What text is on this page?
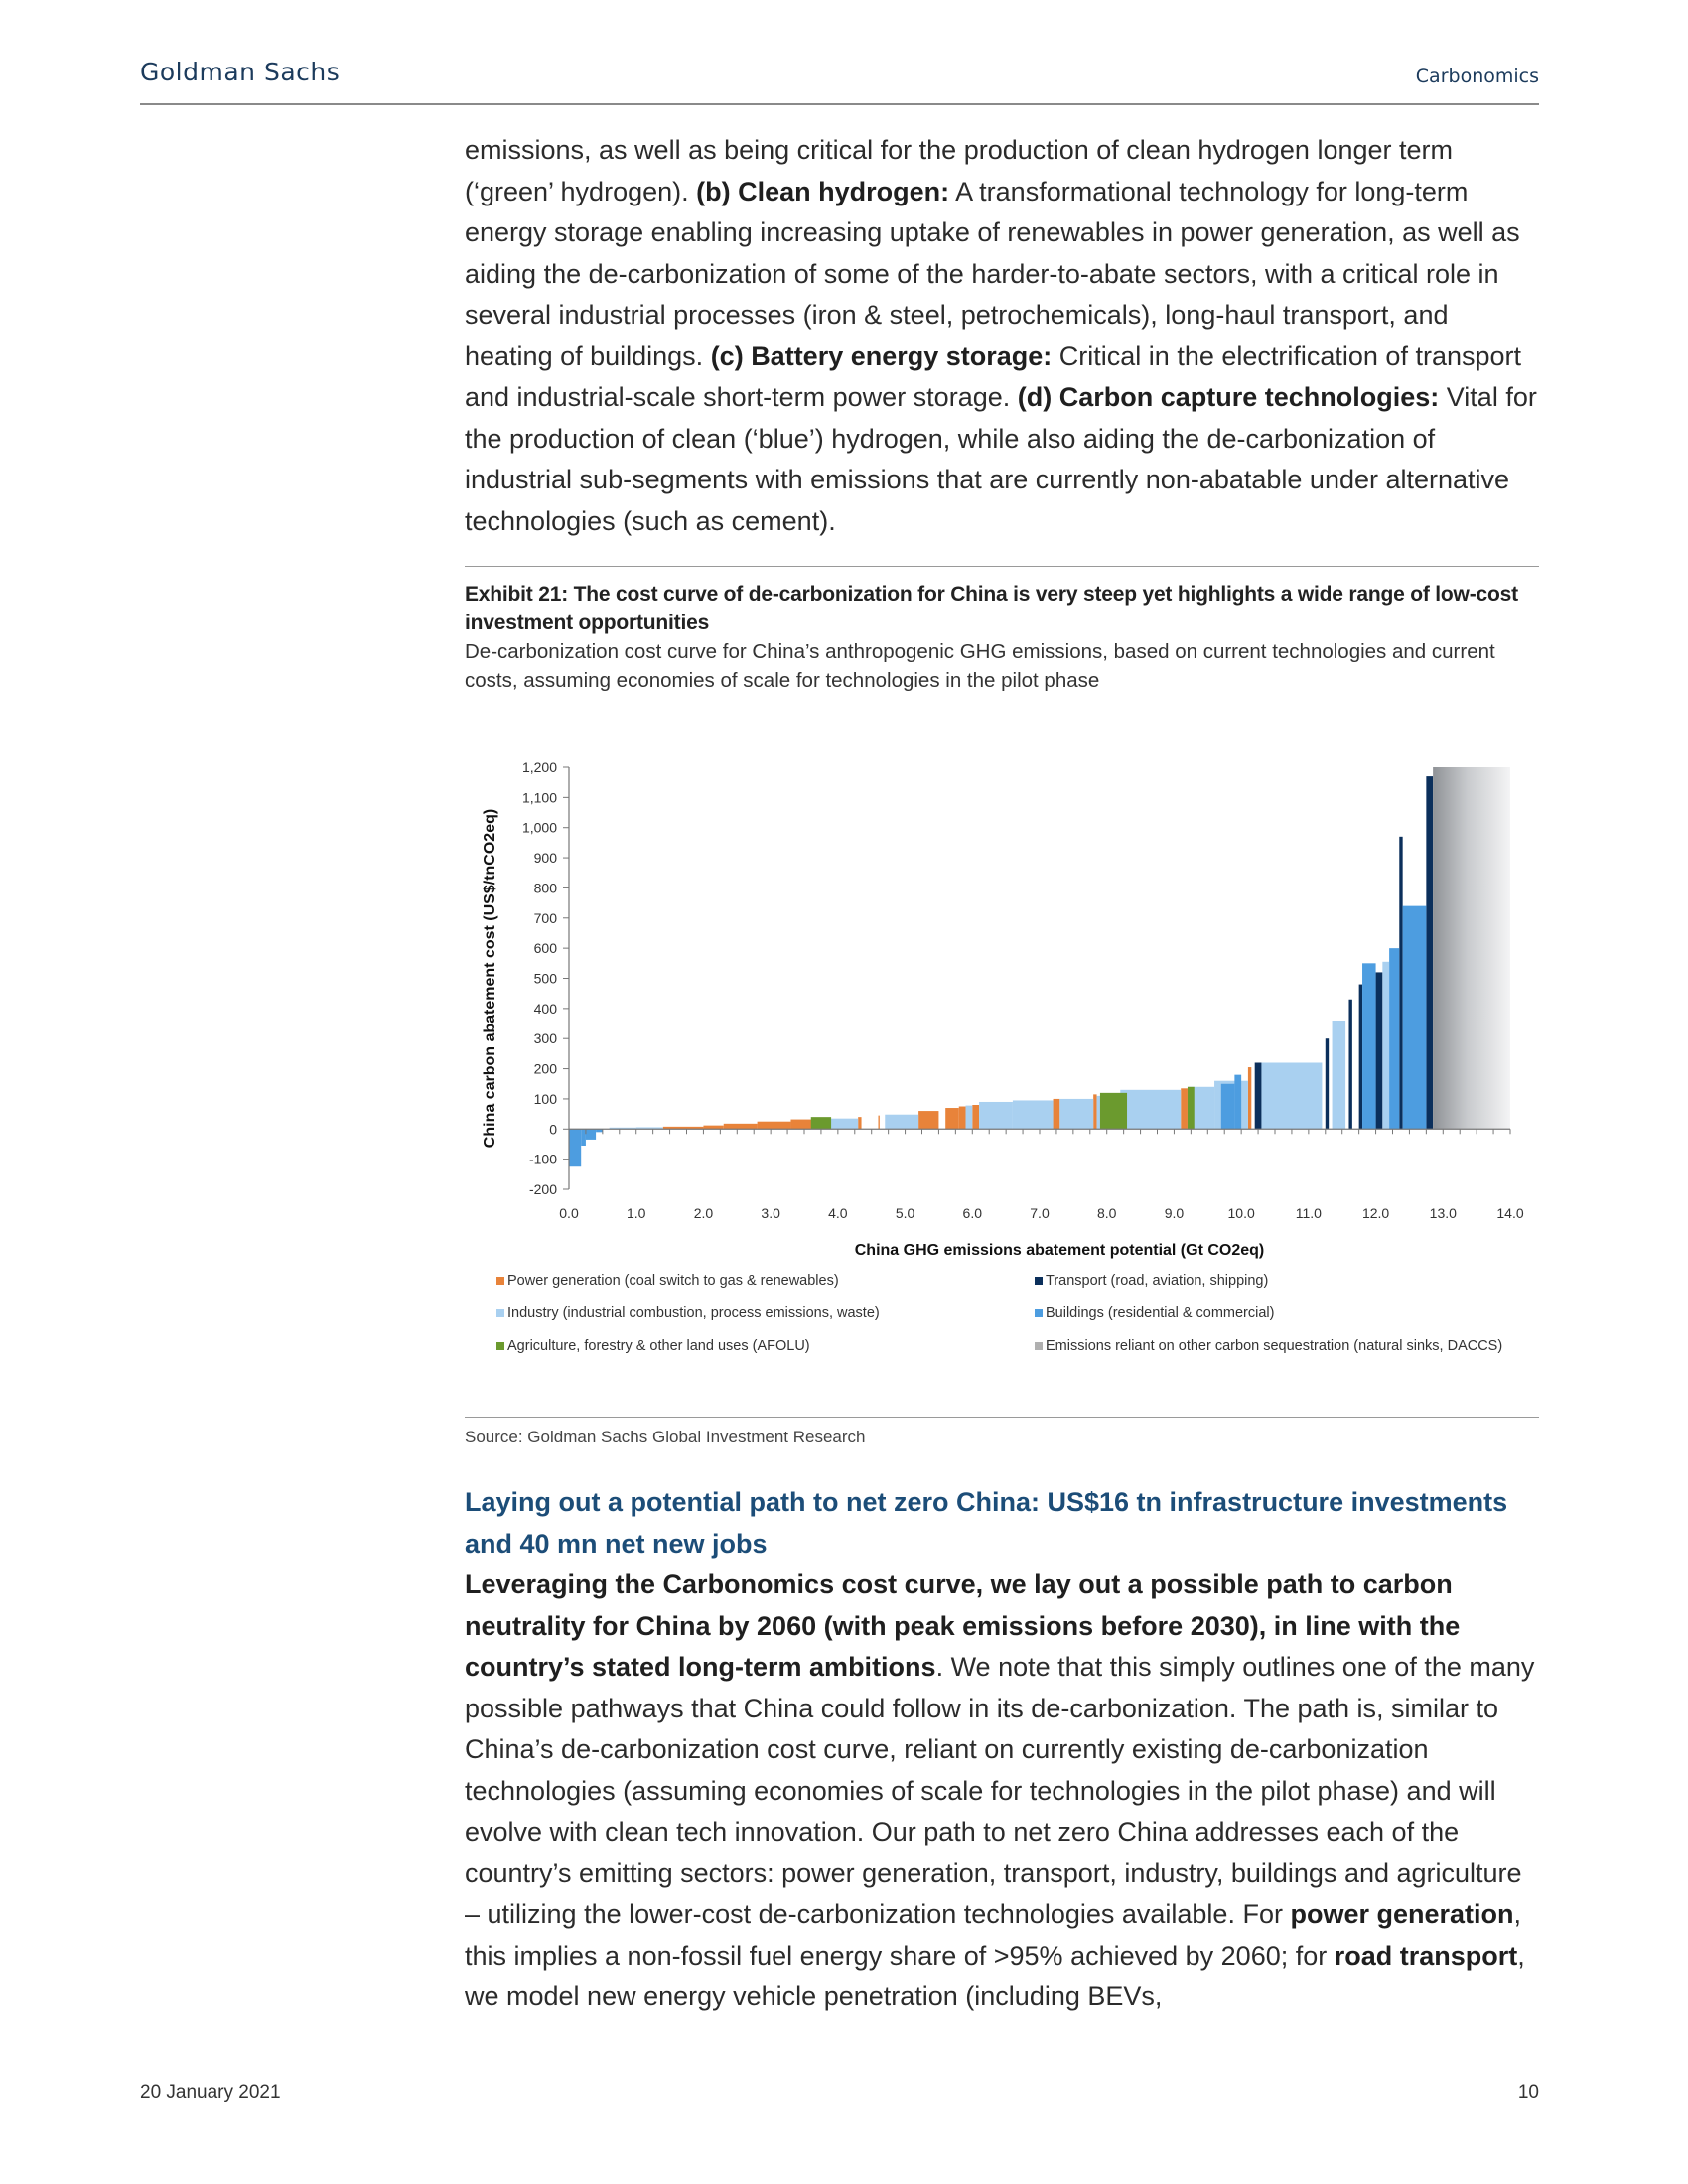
Goldman Sachs	Carbonomics

emissions, as well as being critical for the production of clean hydrogen longer term (‘green’ hydrogen). (b) Clean hydrogen: A transformational technology for long-term energy storage enabling increasing uptake of renewables in power generation, as well as aiding the de-carbonization of some of the harder-to-abate sectors, with a critical role in several industrial processes (iron & steel, petrochemicals), long-haul transport, and heating of buildings. (c) Battery energy storage: Critical in the electrification of transport and industrial-scale short-term power storage. (d) Carbon capture technologies: Vital for the production of clean (‘blue’) hydrogen, while also aiding the de-carbonization of industrial sub-segments with emissions that are currently non-abatable under alternative technologies (such as cement).

Exhibit 21: The cost curve of de-carbonization for China is very steep yet highlights a wide range of low-cost investment opportunities

De-carbonization cost curve for China’s anthropogenic GHG emissions, based on current technologies and current costs, assuming economies of scale for technologies in the pilot phase

-200
-100
0
100
200
300
400
500
600
700
800
900
1,000
1,100
1,200
0.0	1.0	2.0	3.0	4.0	5.0	6.0	7.0	8.0	9.0	10.0	11.0	12.0	13.0	14.0
China GHG emissions abatement potential (Gt CO2eq)
China carbon abatement cost (US$/tnCO2eq)
Power generation (coal switch to gas & renewables)	Transport (road, aviation, shipping)
Industry (industrial combustion, process emissions, waste)	Buildings (residential & commercial)
Agriculture, forestry & other land uses (AFOLU)	Emissions reliant on other carbon sequestration (natural sinks, DACCS)
Source: Goldman Sachs Global Investment Research

Laying out a potential path to net zero China: US$16 tn infrastructure investments and 40 mn net new jobs

Leveraging the Carbonomics cost curve, we lay out a possible path to carbon neutrality for China by 2060 (with peak emissions before 2030), in line with the country’s stated long-term ambitions. We note that this simply outlines one of the many possible pathways that China could follow in its de-carbonization. The path is, similar to China’s de-carbonization cost curve, reliant on currently existing de-carbonization technologies (assuming economies of scale for technologies in the pilot phase) and will evolve with clean tech innovation. Our path to net zero China addresses each of the country’s emitting sectors: power generation, transport, industry, buildings and agriculture – utilizing the lower-cost de-carbonization technologies available. For power generation, this implies a non-fossil fuel energy share of >95% achieved by 2060; for road transport, we model new energy vehicle penetration (including BEVs,

20 January 2021	10
